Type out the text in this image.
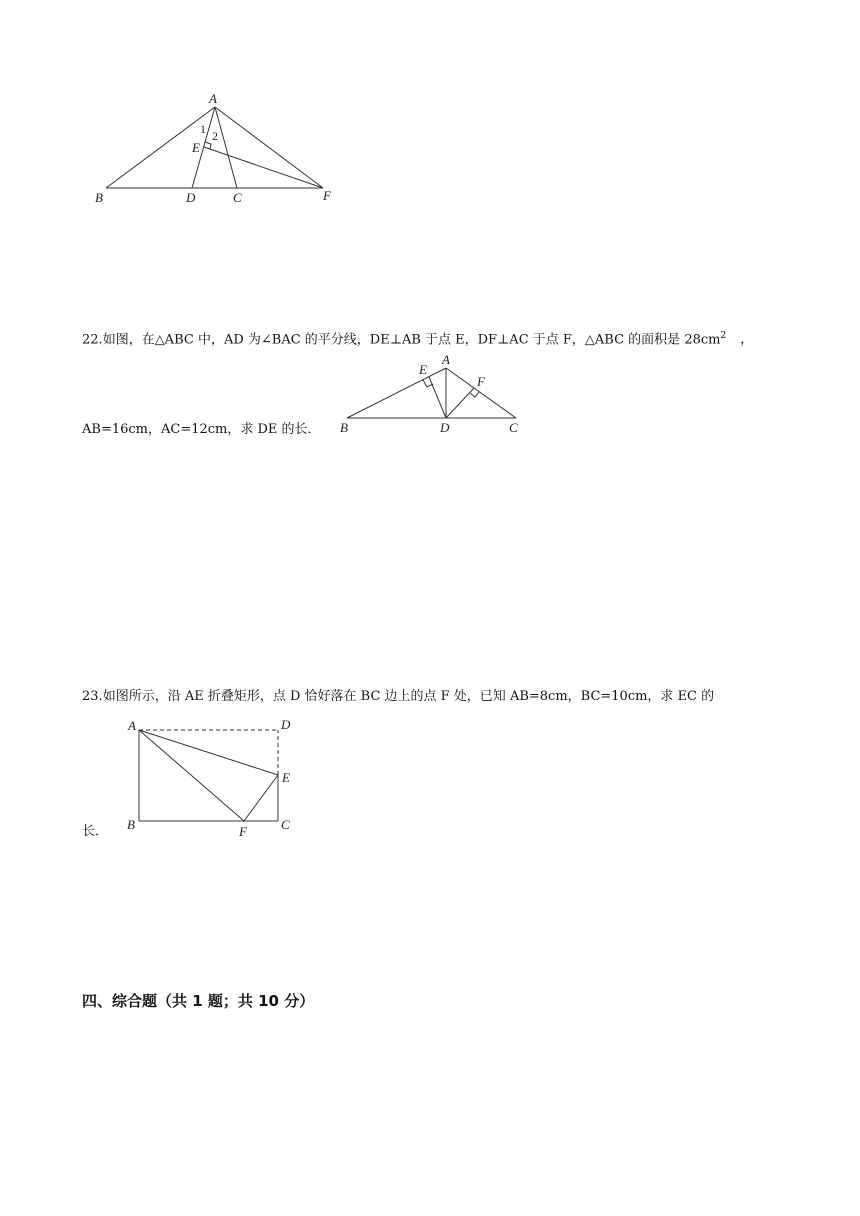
A
B	D	C	F
E
1 2
22.如图，在△ABC 中，AD 为∠BAC 的平分线，DE⊥AB 于点 E，DF⊥AC 于点 F，△ABC 的面积是 $28cm^2$ ，
A
E
F
B	D	C
AB=16cm，AC=12cm，求 DE 的长．
23.如图所示，沿 AE 折叠矩形，点 D 恰好落在 BC 边上的点 F 处，已知 AB=8cm，BC=10cm，求 EC 的
A	D
E
B	F	C
长．
四、综合题（共 1 题；共 10 分）
